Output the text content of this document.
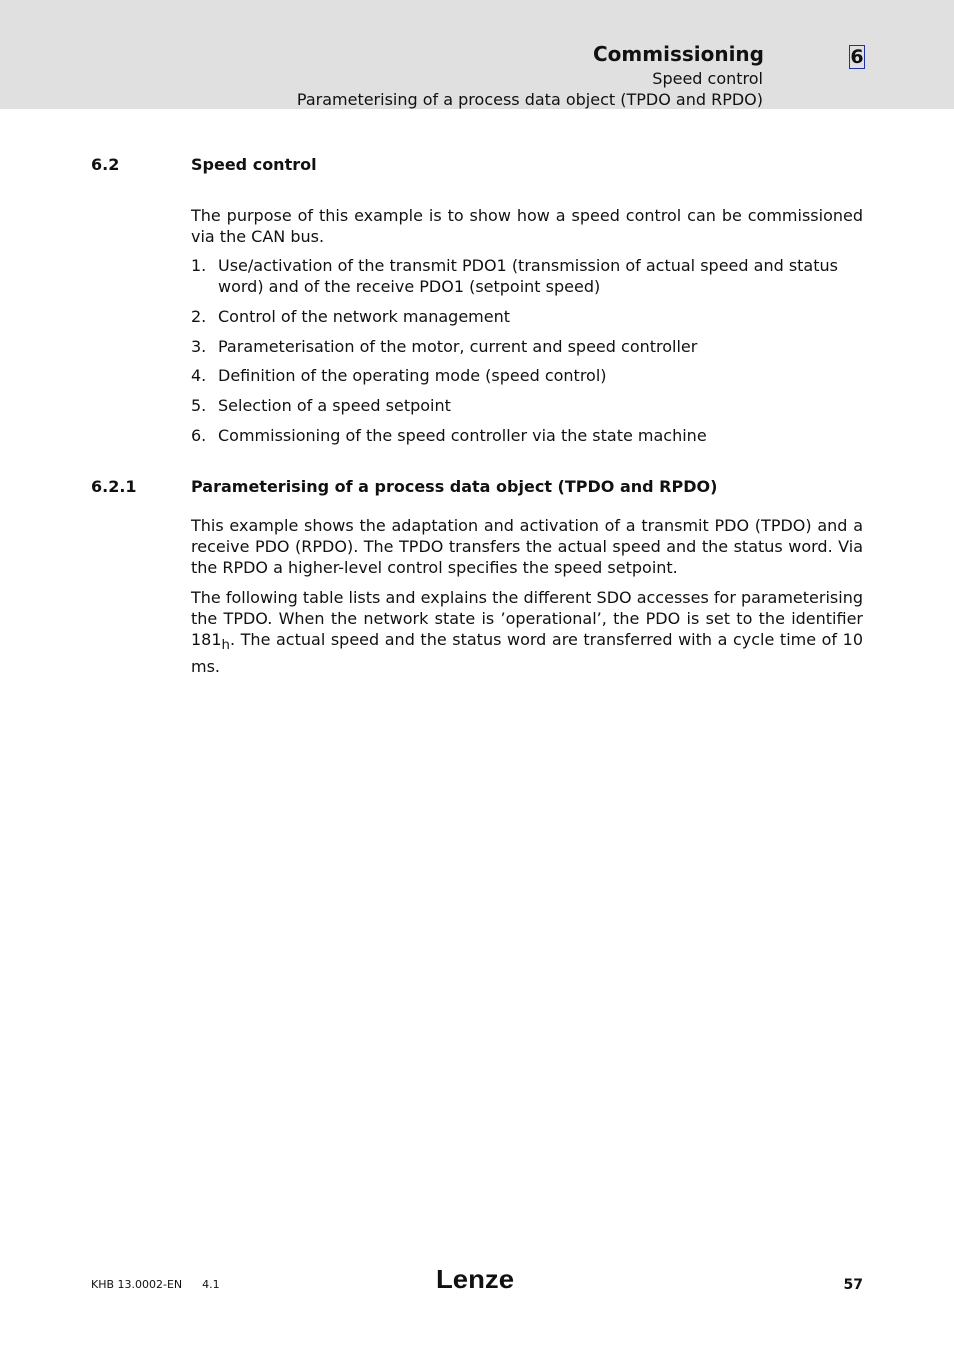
Commissioning
Speed control
Parameterising of a process data object (TPDO and RPDO)
6
6.2	Speed control

The purpose of this example is to show how a speed control can be commissioned via the CAN bus.

1. Use/activation of the transmit PDO1 (transmission of actual speed and status word) and of the receive PDO1 (setpoint speed)
2. Control of the network management
3. Parameterisation of the motor, current and speed controller
4. Definition of the operating mode (speed control)
5. Selection of a speed setpoint
6. Commissioning of the speed controller via the state machine
6.2.1	Parameterising of a process data object (TPDO and RPDO)

This example shows the adaptation and activation of a transmit PDO (TPDO) and a receive PDO (RPDO). The TPDO transfers the actual speed and the status word. Via the RPDO a higher-level control specifies the speed setpoint.

The following table lists and explains the different SDO accesses for parameterising the TPDO. When the network state is ’operational’, the PDO is set to the identifier $181_h$. The actual speed and the status word are transferred with a cycle time of 10 ms.

KHB 13.0002-EN 4.1	Lenze	57
